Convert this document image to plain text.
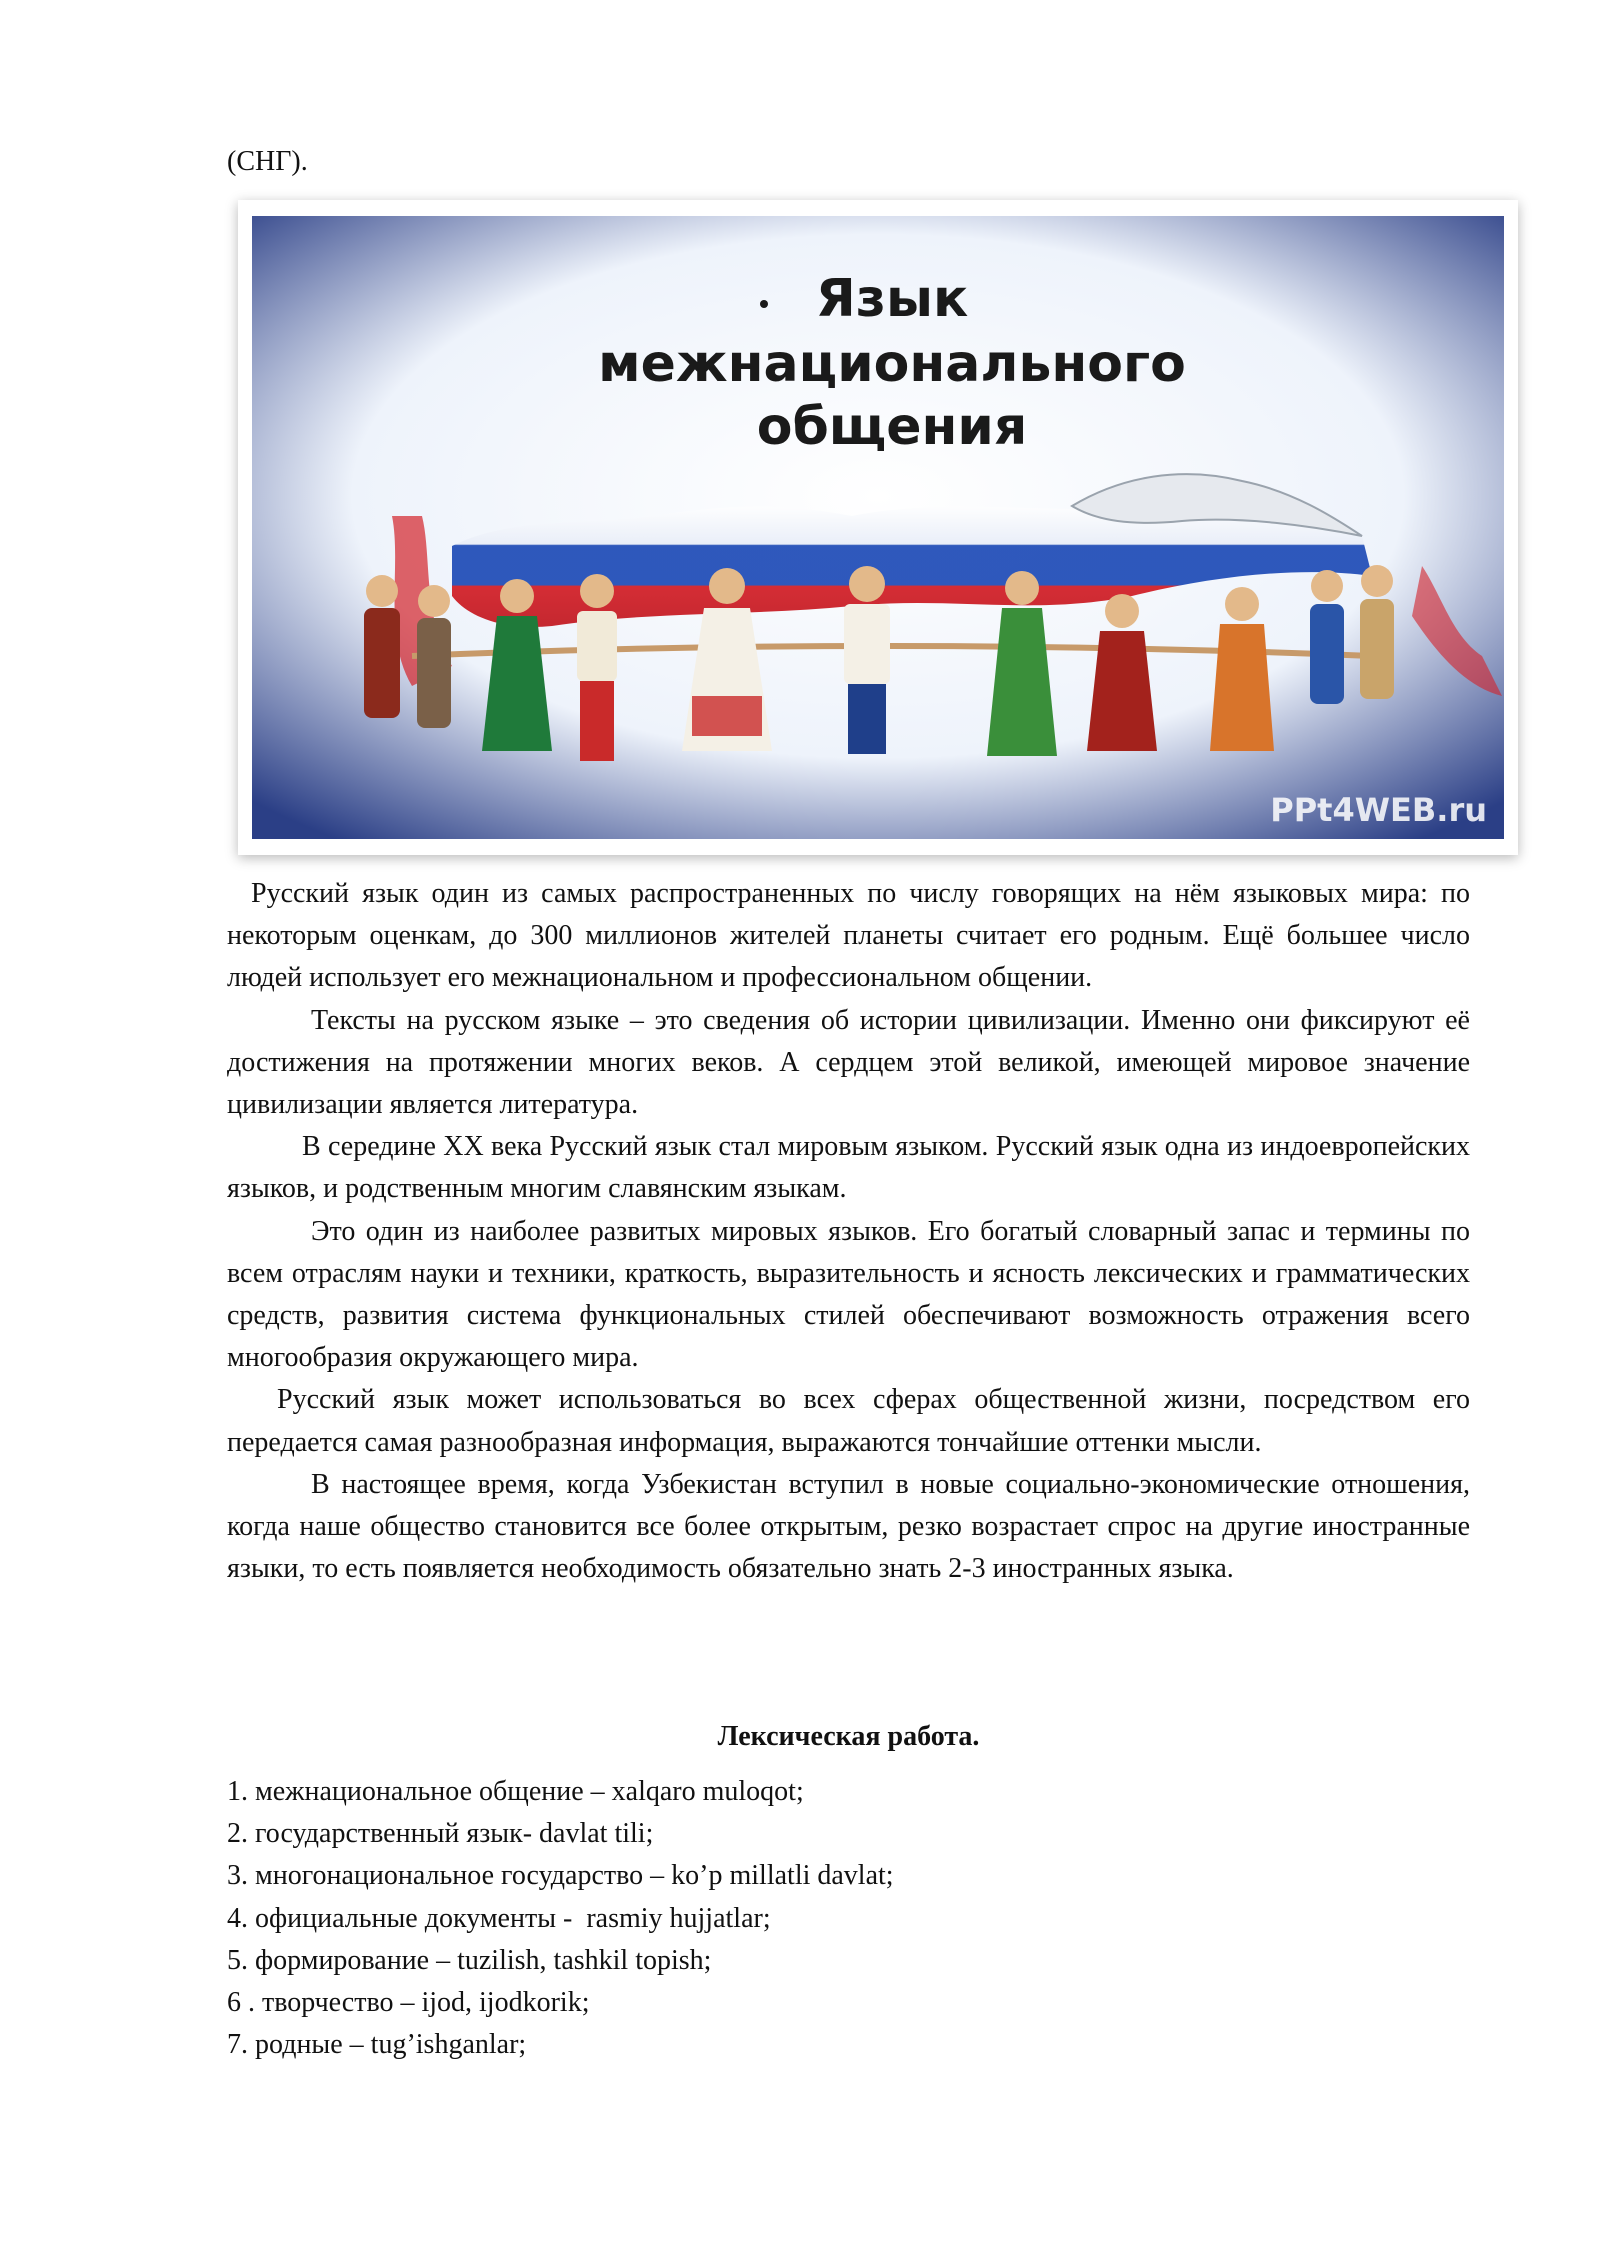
(СНГ).
Язык
межнационального
общения
PPt4WEB.ru

Русский язык один из самых распространенных по числу говорящих на нём языковых мира: по некоторым оценкам, до 300 миллионов жителей планеты считает его родным. Ещё большее число людей использует его межнациональном и профессиональном общении.

Тексты на русском языке – это сведения об истории цивилизации. Именно они фиксируют её достижения на протяжении многих веков. А сердцем этой великой, имеющей мировое значение цивилизации является литература.

В середине XX века Русский язык стал мировым языком. Русский язык одна из индоевропейских языков, и родственным многим славянским языкам.

Это один из наиболее развитых мировых языков. Его богатый словарный запас и термины по всем отраслям науки и техники, краткость, выразительность и ясность лексических и грамматических средств, развития система функциональных стилей обеспечивают возможность отражения всего многообразия окружающего мира.

Русский язык может использоваться во всех сферах общественной жизни, посредством его передается самая разнообразная информация, выражаются тончайшие оттенки мысли.

В настоящее время, когда Узбекистан вступил в новые социально-экономические отношения, когда наше общество становится все более открытым, резко возрастает спрос на другие иностранные языки, то есть появляется необходимость обязательно знать 2-3 иностранных языка.

Лексическая работа.
1. межнациональное общение – xalqaro muloqot;
2. государственный язык- davlat tili;
3. многонациональное государство – ko’p millatli davlat;
4. официальные документы -  rasmiy hujjatlar;
5. формирование – tuzilish, tashkil topish;
6 . творчество – ijod, ijodkorik;
7. родные – tug’ishganlar;
